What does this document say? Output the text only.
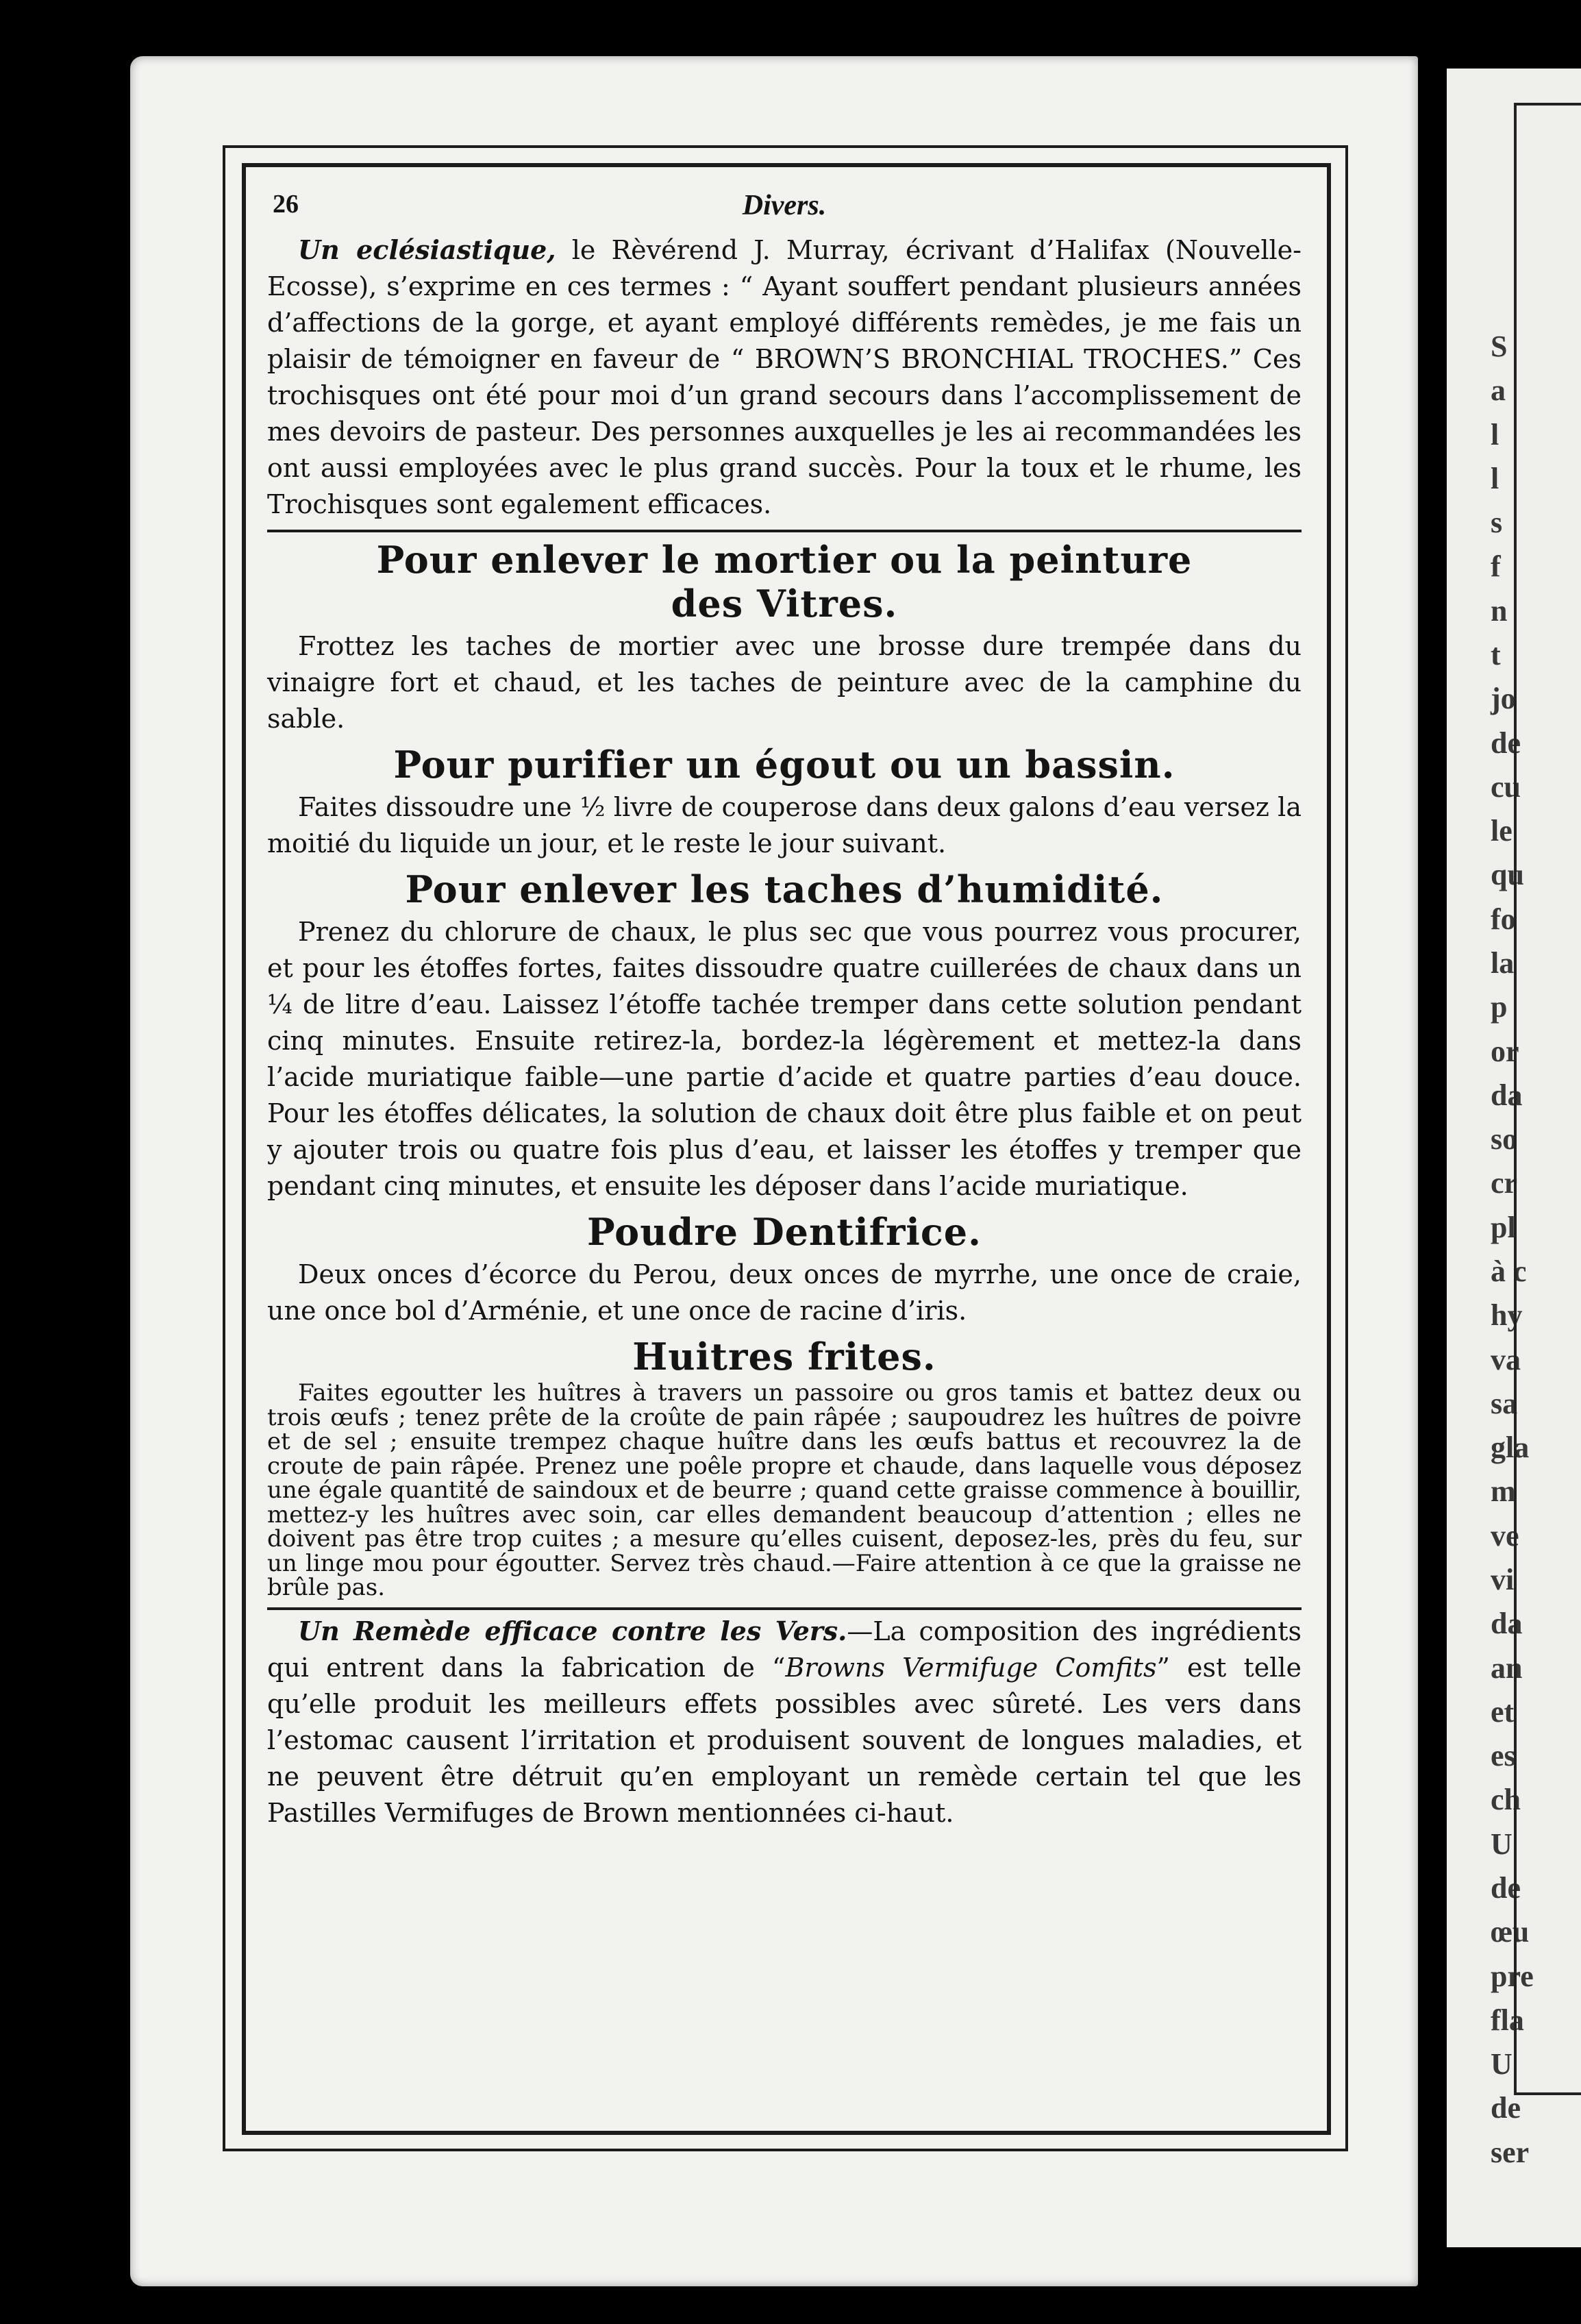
S
a
l
l
s
f
n
t
jo
de
cu
le
qu
fo
la
p
or
da
so
cr
pl
à c
hy
va
sa
gla
m
ve
vi
da
an
et
es
ch
U
de
œu
pre
fla
U
de
ser
26	Divers.

Un eclésiastique, le Rèvérend J. Murray, écrivant d’Halifax (Nouvelle-Ecosse), s’exprime en ces termes : “ Ayant souffert pendant plusieurs années d’affections de la gorge, et ayant employé différents remèdes, je me fais un plaisir de témoigner en faveur de “ BROWN’S BRONCHIAL TROCHES.” Ces trochisques ont été pour moi d’un grand secours dans l’accomplissement de mes devoirs de pasteur. Des personnes auxquelles je les ai recommandées les ont aussi employées avec le plus grand succès. Pour la toux et le rhume, les Trochisques sont egalement efficaces.

Pour enlever le mortier ou la peinture
des Vitres.

Frottez les taches de mortier avec une brosse dure trempée dans du vinaigre fort et chaud, et les taches de peinture avec de la camphine du sable.

Pour purifier un égout ou un bassin.

Faites dissoudre une ½ livre de couperose dans deux galons d’eau versez la moitié du liquide un jour, et le reste le jour suivant.

Pour enlever les taches d’humidité.

Prenez du chlorure de chaux, le plus sec que vous pourrez vous procurer, et pour les étoffes fortes, faites dissoudre quatre cuillerées de chaux dans un ¼ de litre d’eau. Laissez l’étoffe tachée tremper dans cette solution pendant cinq minutes. Ensuite retirez-la, bordez-la légèrement et mettez-la dans l’acide muriatique faible—une partie d’acide et quatre parties d’eau douce. Pour les étoffes délicates, la solution de chaux doit être plus faible et on peut y ajouter trois ou quatre fois plus d’eau, et laisser les étoffes y tremper que pendant cinq minutes, et ensuite les déposer dans l’acide muriatique.

Poudre Dentifrice.

Deux onces d’écorce du Perou, deux onces de myrrhe, une once de craie, une once bol d’Arménie, et une once de racine d’iris.

Huitres frites.

Faites egoutter les huîtres à travers un passoire ou gros tamis et battez deux ou trois œufs ; tenez prête de la croûte de pain râpée ; saupoudrez les huîtres de poivre et de sel ; ensuite trempez chaque huître dans les œufs battus et recouvrez la de croute de pain râpée. Prenez une poêle propre et chaude, dans laquelle vous déposez une égale quantité de saindoux et de beurre ; quand cette graisse commence à bouillir, mettez-y les huîtres avec soin, car elles demandent beaucoup d’attention ; elles ne doivent pas être trop cuites ; a mesure qu’elles cuisent, deposez-les, près du feu, sur un linge mou pour égoutter. Servez très chaud.—Faire attention à ce que la graisse ne brûle pas.

Un Remède efficace contre les Vers.—La composition des ingrédients qui entrent dans la fabrication de “Browns Vermifuge Comfits” est telle qu’elle produit les meilleurs effets possibles avec sûreté. Les vers dans l’estomac causent l’irritation et produisent souvent de longues maladies, et ne peuvent être détruit qu’en employant un remède certain tel que les Pastilles Vermifuges de Brown mentionnées ci-haut.
